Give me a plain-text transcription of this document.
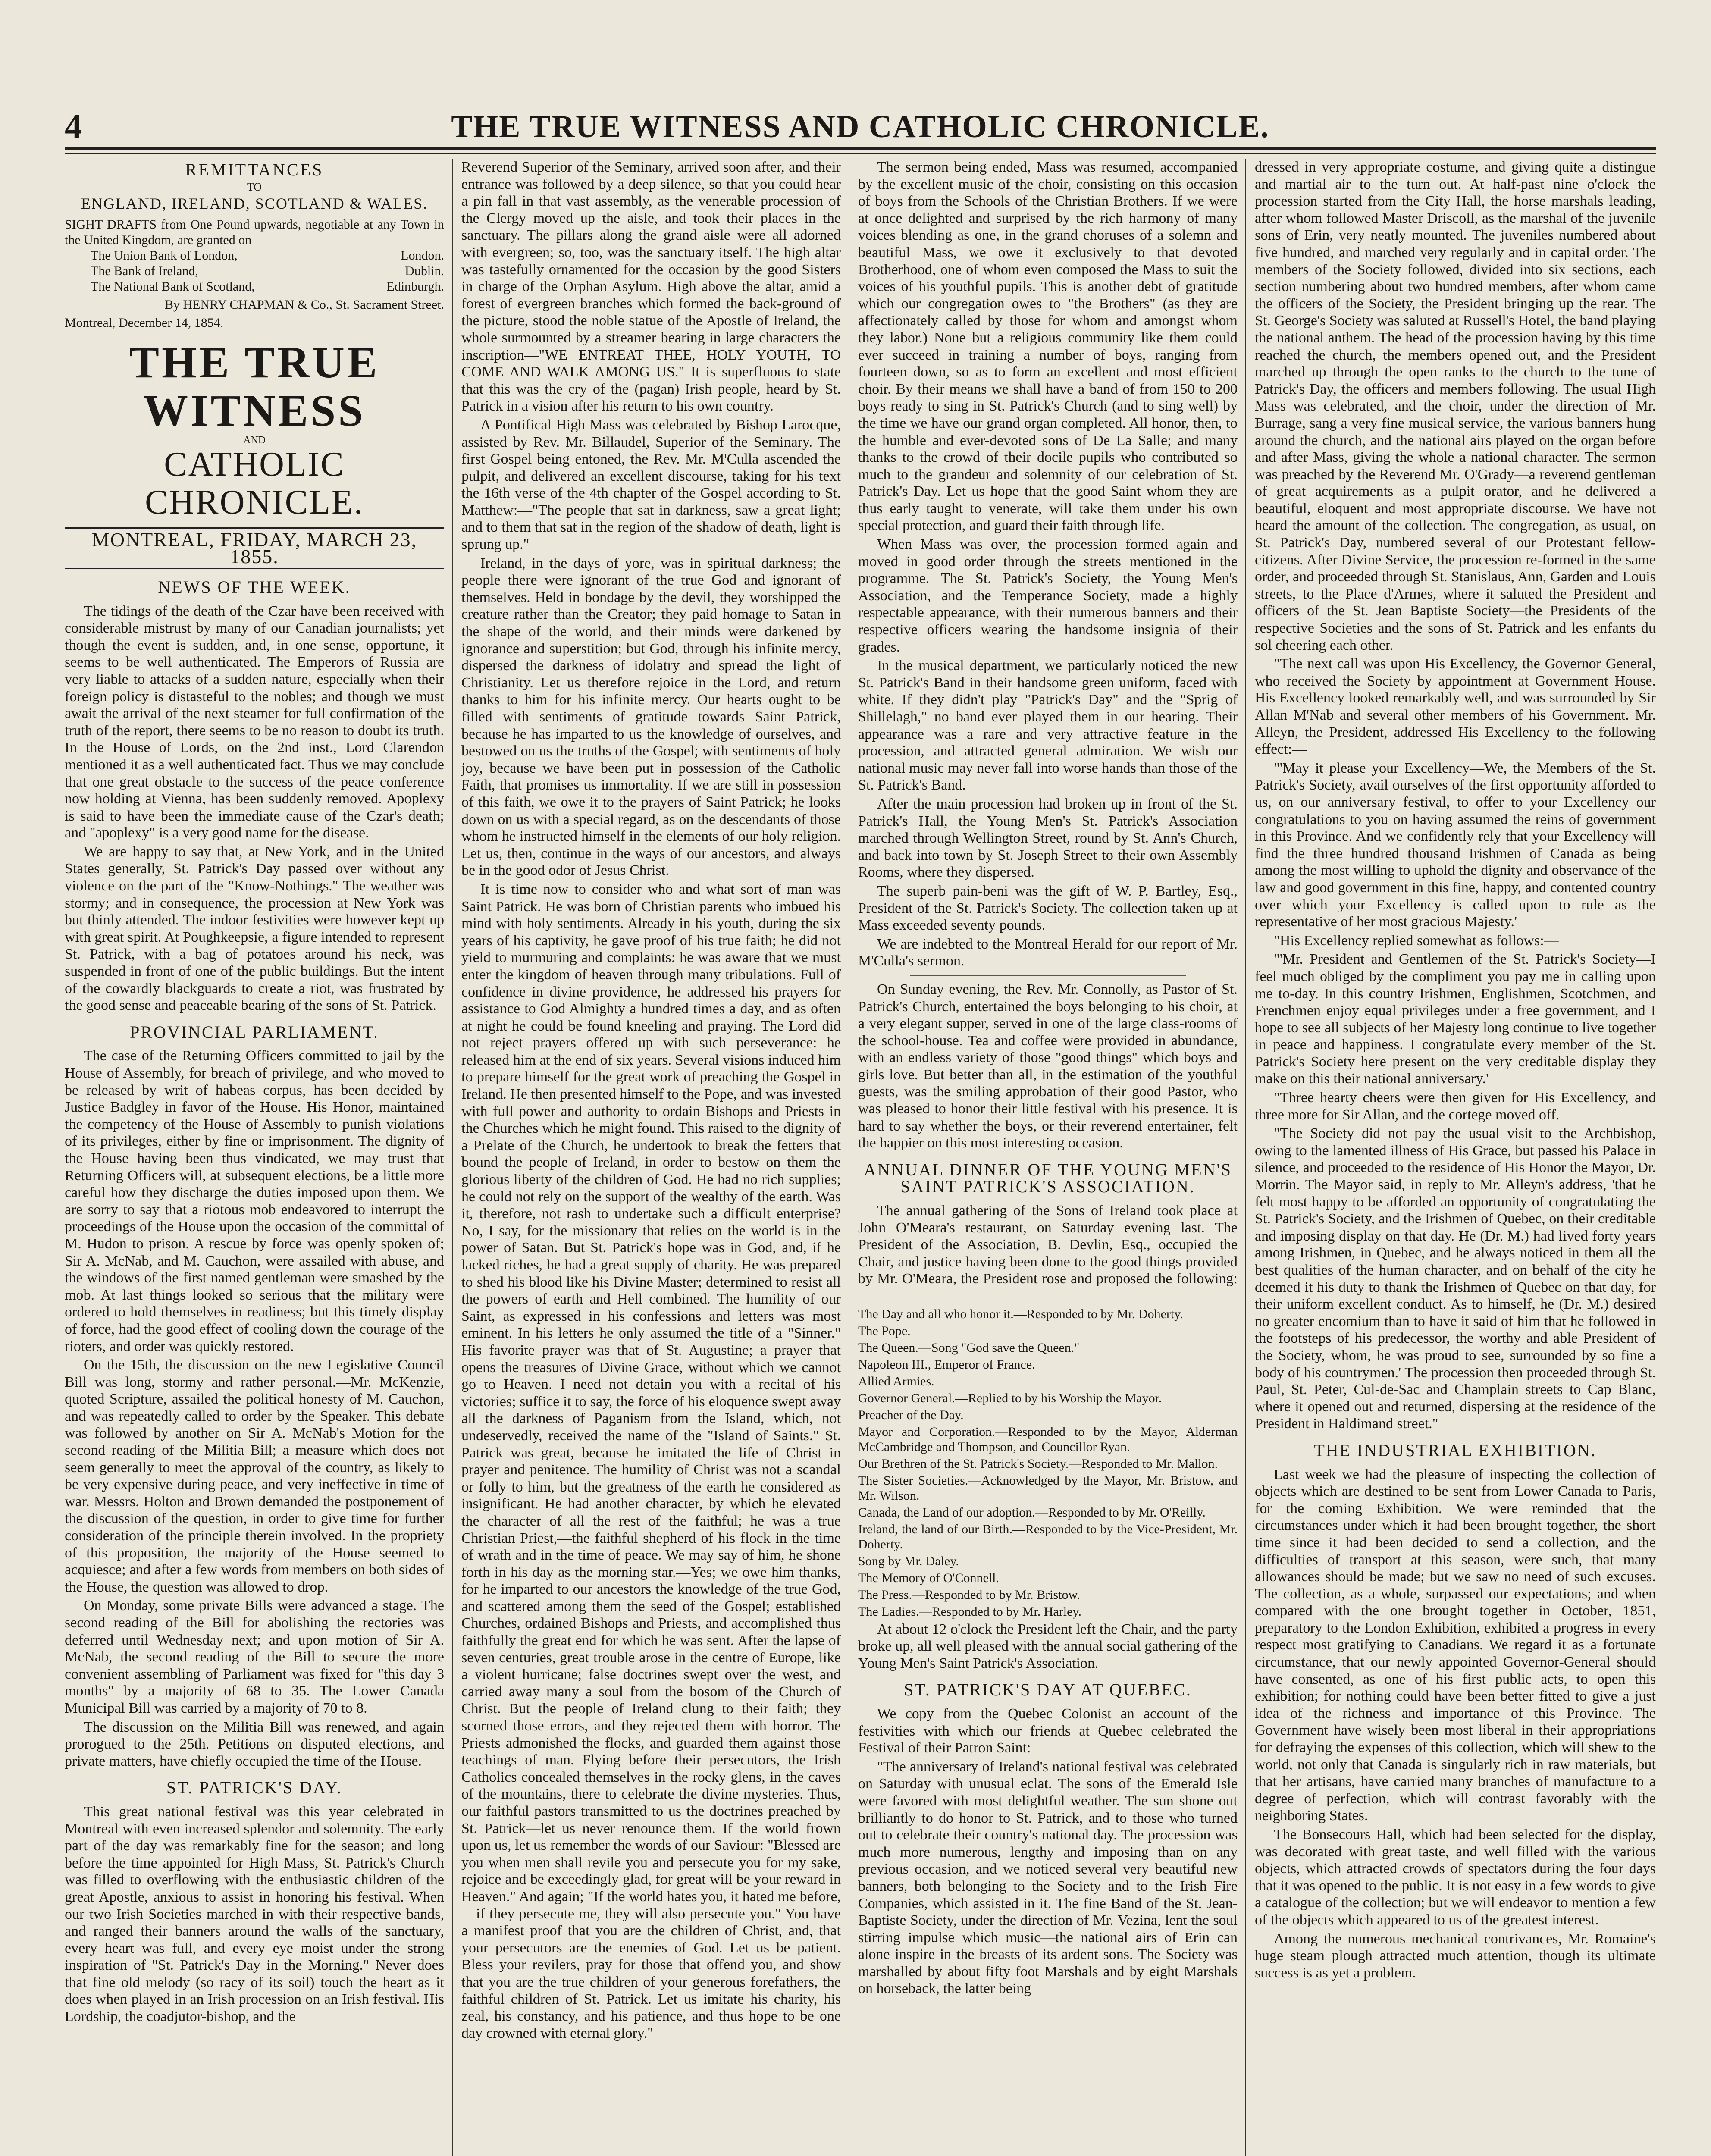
4	THE TRUE WITNESS AND CATHOLIC CHRONICLE.
REMITTANCES
TO
ENGLAND, IRELAND, SCOTLAND & WALES.
SIGHT DRAFTS from One Pound upwards, negotiable at any Town in the United Kingdom, are granted on
The Union Bank of London,	London.
The Bank of Ireland,	Dublin.
The National Bank of Scotland,	Edinburgh.
By HENRY CHAPMAN & Co., St. Sacrament Street.
Montreal, December 14, 1854.
THE TRUE WITNESS
AND
CATHOLIC CHRONICLE.
MONTREAL, FRIDAY, MARCH 23, 1855.
NEWS OF THE WEEK.

The tidings of the death of the Czar have been received with considerable mistrust by many of our Canadian journalists; yet though the event is sudden, and, in one sense, opportune, it seems to be well authenticated. The Emperors of Russia are very liable to attacks of a sudden nature, especially when their foreign policy is distasteful to the nobles; and though we must await the arrival of the next steamer for full confirmation of the truth of the report, there seems to be no reason to doubt its truth. In the House of Lords, on the 2nd inst., Lord Clarendon mentioned it as a well authenticated fact. Thus we may conclude that one great obstacle to the success of the peace conference now holding at Vienna, has been suddenly removed. Apoplexy is said to have been the immediate cause of the Czar's death; and "apoplexy" is a very good name for the disease.

We are happy to say that, at New York, and in the United States generally, St. Patrick's Day passed over without any violence on the part of the "Know-Nothings." The weather was stormy; and in consequence, the procession at New York was but thinly attended. The indoor festivities were however kept up with great spirit. At Poughkeepsie, a figure intended to represent St. Patrick, with a bag of potatoes around his neck, was suspended in front of one of the public buildings. But the intent of the cowardly blackguards to create a riot, was frustrated by the good sense and peaceable bearing of the sons of St. Patrick.

PROVINCIAL PARLIAMENT.

The case of the Returning Officers committed to jail by the House of Assembly, for breach of privilege, and who moved to be released by writ of habeas corpus, has been decided by Justice Badgley in favor of the House. His Honor, maintained the competency of the House of Assembly to punish violations of its privileges, either by fine or imprisonment. The dignity of the House having been thus vindicated, we may trust that Returning Officers will, at subsequent elections, be a little more careful how they discharge the duties imposed upon them. We are sorry to say that a riotous mob endeavored to interrupt the proceedings of the House upon the occasion of the committal of M. Hudon to prison. A rescue by force was openly spoken of; Sir A. McNab, and M. Cauchon, were assailed with abuse, and the windows of the first named gentleman were smashed by the mob. At last things looked so serious that the military were ordered to hold themselves in readiness; but this timely display of force, had the good effect of cooling down the courage of the rioters, and order was quickly restored.

On the 15th, the discussion on the new Legislative Council Bill was long, stormy and rather personal.—Mr. McKenzie, quoted Scripture, assailed the political honesty of M. Cauchon, and was repeatedly called to order by the Speaker. This debate was followed by another on Sir A. McNab's Motion for the second reading of the Militia Bill; a measure which does not seem generally to meet the approval of the country, as likely to be very expensive during peace, and very ineffective in time of war. Messrs. Holton and Brown demanded the postponement of the discussion of the question, in order to give time for further consideration of the principle therein involved. In the propriety of this proposition, the majority of the House seemed to acquiesce; and after a few words from members on both sides of the House, the question was allowed to drop.

On Monday, some private Bills were advanced a stage. The second reading of the Bill for abolishing the rectories was deferred until Wednesday next; and upon motion of Sir A. McNab, the second reading of the Bill to secure the more convenient assembling of Parliament was fixed for "this day 3 months" by a majority of 68 to 35. The Lower Canada Municipal Bill was carried by a majority of 70 to 8.

The discussion on the Militia Bill was renewed, and again prorogued to the 25th. Petitions on disputed elections, and private matters, have chiefly occupied the time of the House.

ST. PATRICK'S DAY.

This great national festival was this year celebrated in Montreal with even increased splendor and solemnity. The early part of the day was remarkably fine for the season; and long before the time appointed for High Mass, St. Patrick's Church was filled to overflowing with the enthusiastic children of the great Apostle, anxious to assist in honoring his festival. When our two Irish Societies marched in with their respective bands, and ranged their banners around the walls of the sanctuary, every heart was full, and every eye moist under the strong inspiration of "St. Patrick's Day in the Morning." Never does that fine old melody (so racy of its soil) touch the heart as it does when played in an Irish procession on an Irish festival. His Lordship, the coadjutor-bishop, and the

Reverend Superior of the Seminary, arrived soon after, and their entrance was followed by a deep silence, so that you could hear a pin fall in that vast assembly, as the venerable procession of the Clergy moved up the aisle, and took their places in the sanctuary. The pillars along the grand aisle were all adorned with evergreen; so, too, was the sanctuary itself. The high altar was tastefully ornamented for the occasion by the good Sisters in charge of the Orphan Asylum. High above the altar, amid a forest of evergreen branches which formed the back-ground of the picture, stood the noble statue of the Apostle of Ireland, the whole surmounted by a streamer bearing in large characters the inscription—"WE ENTREAT THEE, HOLY YOUTH, TO COME AND WALK AMONG US." It is superfluous to state that this was the cry of the (pagan) Irish people, heard by St. Patrick in a vision after his return to his own country.

A Pontifical High Mass was celebrated by Bishop Larocque, assisted by Rev. Mr. Billaudel, Superior of the Seminary. The first Gospel being entoned, the Rev. Mr. M'Culla ascended the pulpit, and delivered an excellent discourse, taking for his text the 16th verse of the 4th chapter of the Gospel according to St. Matthew:—"The people that sat in darkness, saw a great light; and to them that sat in the region of the shadow of death, light is sprung up."

Ireland, in the days of yore, was in spiritual darkness; the people there were ignorant of the true God and ignorant of themselves. Held in bondage by the devil, they worshipped the creature rather than the Creator; they paid homage to Satan in the shape of the world, and their minds were darkened by ignorance and superstition; but God, through his infinite mercy, dispersed the darkness of idolatry and spread the light of Christianity. Let us therefore rejoice in the Lord, and return thanks to him for his infinite mercy. Our hearts ought to be filled with sentiments of gratitude towards Saint Patrick, because he has imparted to us the knowledge of ourselves, and bestowed on us the truths of the Gospel; with sentiments of holy joy, because we have been put in possession of the Catholic Faith, that promises us immortality. If we are still in possession of this faith, we owe it to the prayers of Saint Patrick; he looks down on us with a special regard, as on the descendants of those whom he instructed himself in the elements of our holy religion. Let us, then, continue in the ways of our ancestors, and always be in the good odor of Jesus Christ.

It is time now to consider who and what sort of man was Saint Patrick. He was born of Christian parents who imbued his mind with holy sentiments. Already in his youth, during the six years of his captivity, he gave proof of his true faith; he did not yield to murmuring and complaints: he was aware that we must enter the kingdom of heaven through many tribulations. Full of confidence in divine providence, he addressed his prayers for assistance to God Almighty a hundred times a day, and as often at night he could be found kneeling and praying. The Lord did not reject prayers offered up with such perseverance: he released him at the end of six years. Several visions induced him to prepare himself for the great work of preaching the Gospel in Ireland. He then presented himself to the Pope, and was invested with full power and authority to ordain Bishops and Priests in the Churches which he might found. This raised to the dignity of a Prelate of the Church, he undertook to break the fetters that bound the people of Ireland, in order to bestow on them the glorious liberty of the children of God. He had no rich supplies; he could not rely on the support of the wealthy of the earth. Was it, therefore, not rash to undertake such a difficult enterprise? No, I say, for the missionary that relies on the world is in the power of Satan. But St. Patrick's hope was in God, and, if he lacked riches, he had a great supply of charity. He was prepared to shed his blood like his Divine Master; determined to resist all the powers of earth and Hell combined. The humility of our Saint, as expressed in his confessions and letters was most eminent. In his letters he only assumed the title of a "Sinner." His favorite prayer was that of St. Augustine; a prayer that opens the treasures of Divine Grace, without which we cannot go to Heaven. I need not detain you with a recital of his victories; suffice it to say, the force of his eloquence swept away all the darkness of Paganism from the Island, which, not undeservedly, received the name of the "Island of Saints." St. Patrick was great, because he imitated the life of Christ in prayer and penitence. The humility of Christ was not a scandal or folly to him, but the greatness of the earth he considered as insignificant. He had another character, by which he elevated the character of all the rest of the faithful; he was a true Christian Priest,—the faithful shepherd of his flock in the time of wrath and in the time of peace. We may say of him, he shone forth in his day as the morning star.—Yes; we owe him thanks, for he imparted to our ancestors the knowledge of the true God, and scattered among them the seed of the Gospel; established Churches, ordained Bishops and Priests, and accomplished thus faithfully the great end for which he was sent. After the lapse of seven centuries, great trouble arose in the centre of Europe, like a violent hurricane; false doctrines swept over the west, and carried away many a soul from the bosom of the Church of Christ. But the people of Ireland clung to their faith; they scorned those errors, and they rejected them with horror. The Priests admonished the flocks, and guarded them against those teachings of man. Flying before their persecutors, the Irish Catholics concealed themselves in the rocky glens, in the caves of the mountains, there to celebrate the divine mysteries. Thus, our faithful pastors transmitted to us the doctrines preached by St. Patrick—let us never renounce them. If the world frown upon us, let us remember the words of our Saviour: "Blessed are you when men shall revile you and persecute you for my sake, rejoice and be exceedingly glad, for great will be your reward in Heaven." And again; "If the world hates you, it hated me before,—if they persecute me, they will also persecute you." You have a manifest proof that you are the children of Christ, and, that your persecutors are the enemies of God. Let us be patient. Bless your revilers, pray for those that offend you, and show that you are the true children of your generous forefathers, the faithful children of St. Patrick. Let us imitate his charity, his zeal, his constancy, and his patience, and thus hope to be one day crowned with eternal glory."

The sermon being ended, Mass was resumed, accompanied by the excellent music of the choir, consisting on this occasion of boys from the Schools of the Christian Brothers. If we were at once delighted and surprised by the rich harmony of many voices blending as one, in the grand choruses of a solemn and beautiful Mass, we owe it exclusively to that devoted Brotherhood, one of whom even composed the Mass to suit the voices of his youthful pupils. This is another debt of gratitude which our congregation owes to "the Brothers" (as they are affectionately called by those for whom and amongst whom they labor.) None but a religious community like them could ever succeed in training a number of boys, ranging from fourteen down, so as to form an excellent and most efficient choir. By their means we shall have a band of from 150 to 200 boys ready to sing in St. Patrick's Church (and to sing well) by the time we have our grand organ completed. All honor, then, to the humble and ever-devoted sons of De La Salle; and many thanks to the crowd of their docile pupils who contributed so much to the grandeur and solemnity of our celebration of St. Patrick's Day. Let us hope that the good Saint whom they are thus early taught to venerate, will take them under his own special protection, and guard their faith through life.

When Mass was over, the procession formed again and moved in good order through the streets mentioned in the programme. The St. Patrick's Society, the Young Men's Association, and the Temperance Society, made a highly respectable appearance, with their numerous banners and their respective officers wearing the handsome insignia of their grades.

In the musical department, we particularly noticed the new St. Patrick's Band in their handsome green uniform, faced with white. If they didn't play "Patrick's Day" and the "Sprig of Shillelagh," no band ever played them in our hearing. Their appearance was a rare and very attractive feature in the procession, and attracted general admiration. We wish our national music may never fall into worse hands than those of the St. Patrick's Band.

After the main procession had broken up in front of the St. Patrick's Hall, the Young Men's St. Patrick's Association marched through Wellington Street, round by St. Ann's Church, and back into town by St. Joseph Street to their own Assembly Rooms, where they dispersed.

The superb pain-beni was the gift of W. P. Bartley, Esq., President of the St. Patrick's Society. The collection taken up at Mass exceeded seventy pounds.

We are indebted to the Montreal Herald for our report of Mr. M'Culla's sermon.

On Sunday evening, the Rev. Mr. Connolly, as Pastor of St. Patrick's Church, entertained the boys belonging to his choir, at a very elegant supper, served in one of the large class-rooms of the school-house. Tea and coffee were provided in abundance, with an endless variety of those "good things" which boys and girls love. But better than all, in the estimation of the youthful guests, was the smiling approbation of their good Pastor, who was pleased to honor their little festival with his presence. It is hard to say whether the boys, or their reverend entertainer, felt the happier on this most interesting occasion.

ANNUAL DINNER OF THE YOUNG MEN'S SAINT PATRICK'S ASSOCIATION.

The annual gathering of the Sons of Ireland took place at John O'Meara's restaurant, on Saturday evening last. The President of the Association, B. Devlin, Esq., occupied the Chair, and justice having been done to the good things provided by Mr. O'Meara, the President rose and proposed the following:—

The Day and all who honor it.—Responded to by Mr. Doherty.

The Pope.

The Queen.—Song "God save the Queen."

Napoleon III., Emperor of France.

Allied Armies.

Governor General.—Replied to by his Worship the Mayor.

Preacher of the Day.

Mayor and Corporation.—Responded to by the Mayor, Alderman McCambridge and Thompson, and Councillor Ryan.

Our Brethren of the St. Patrick's Society.—Responded to Mr. Mallon.

The Sister Societies.—Acknowledged by the Mayor, Mr. Bristow, and Mr. Wilson.

Canada, the Land of our adoption.—Responded to by Mr. O'Reilly.

Ireland, the land of our Birth.—Responded to by the Vice-President, Mr. Doherty.

Song by Mr. Daley.

The Memory of O'Connell.

The Press.—Responded to by Mr. Bristow.

The Ladies.—Responded to by Mr. Harley.

At about 12 o'clock the President left the Chair, and the party broke up, all well pleased with the annual social gathering of the Young Men's Saint Patrick's Association.

ST. PATRICK'S DAY AT QUEBEC.

We copy from the Quebec Colonist an account of the festivities with which our friends at Quebec celebrated the Festival of their Patron Saint:—

"The anniversary of Ireland's national festival was celebrated on Saturday with unusual eclat. The sons of the Emerald Isle were favored with most delightful weather. The sun shone out brilliantly to do honor to St. Patrick, and to those who turned out to celebrate their country's national day. The procession was much more numerous, lengthy and imposing than on any previous occasion, and we noticed several very beautiful new banners, both belonging to the Society and to the Irish Fire Companies, which assisted in it. The fine Band of the St. Jean-Baptiste Society, under the direction of Mr. Vezina, lent the soul stirring impulse which music—the national airs of Erin can alone inspire in the breasts of its ardent sons. The Society was marshalled by about fifty foot Marshals and by eight Marshals on horseback, the latter being

dressed in very appropriate costume, and giving quite a distingue and martial air to the turn out. At half-past nine o'clock the procession started from the City Hall, the horse marshals leading, after whom followed Master Driscoll, as the marshal of the juvenile sons of Erin, very neatly mounted. The juveniles numbered about five hundred, and marched very regularly and in capital order. The members of the Society followed, divided into six sections, each section numbering about two hundred members, after whom came the officers of the Society, the President bringing up the rear. The St. George's Society was saluted at Russell's Hotel, the band playing the national anthem. The head of the procession having by this time reached the church, the members opened out, and the President marched up through the open ranks to the church to the tune of Patrick's Day, the officers and members following. The usual High Mass was celebrated, and the choir, under the direction of Mr. Burrage, sang a very fine musical service, the various banners hung around the church, and the national airs played on the organ before and after Mass, giving the whole a national character. The sermon was preached by the Reverend Mr. O'Grady—a reverend gentleman of great acquirements as a pulpit orator, and he delivered a beautiful, eloquent and most appropriate discourse. We have not heard the amount of the collection. The congregation, as usual, on St. Patrick's Day, numbered several of our Protestant fellow-citizens. After Divine Service, the procession re-formed in the same order, and proceeded through St. Stanislaus, Ann, Garden and Louis streets, to the Place d'Armes, where it saluted the President and officers of the St. Jean Baptiste Society—the Presidents of the respective Societies and the sons of St. Patrick and les enfants du sol cheering each other.

"The next call was upon His Excellency, the Governor General, who received the Society by appointment at Government House. His Excellency looked remarkably well, and was surrounded by Sir Allan M'Nab and several other members of his Government. Mr. Alleyn, the President, addressed His Excellency to the following effect:—

"'May it please your Excellency—We, the Members of the St. Patrick's Society, avail ourselves of the first opportunity afforded to us, on our anniversary festival, to offer to your Excellency our congratulations to you on having assumed the reins of government in this Province. And we confidently rely that your Excellency will find the three hundred thousand Irishmen of Canada as being among the most willing to uphold the dignity and observance of the law and good government in this fine, happy, and contented country over which your Excellency is called upon to rule as the representative of her most gracious Majesty.'

"His Excellency replied somewhat as follows:—

"'Mr. President and Gentlemen of the St. Patrick's Society—I feel much obliged by the compliment you pay me in calling upon me to-day. In this country Irishmen, Englishmen, Scotchmen, and Frenchmen enjoy equal privileges under a free government, and I hope to see all subjects of her Majesty long continue to live together in peace and happiness. I congratulate every member of the St. Patrick's Society here present on the very creditable display they make on this their national anniversary.'

"Three hearty cheers were then given for His Excellency, and three more for Sir Allan, and the cortege moved off.

"The Society did not pay the usual visit to the Archbishop, owing to the lamented illness of His Grace, but passed his Palace in silence, and proceeded to the residence of His Honor the Mayor, Dr. Morrin. The Mayor said, in reply to Mr. Alleyn's address, 'that he felt most happy to be afforded an opportunity of congratulating the St. Patrick's Society, and the Irishmen of Quebec, on their creditable and imposing display on that day. He (Dr. M.) had lived forty years among Irishmen, in Quebec, and he always noticed in them all the best qualities of the human character, and on behalf of the city he deemed it his duty to thank the Irishmen of Quebec on that day, for their uniform excellent conduct. As to himself, he (Dr. M.) desired no greater encomium than to have it said of him that he followed in the footsteps of his predecessor, the worthy and able President of the Society, whom, he was proud to see, surrounded by so fine a body of his countrymen.' The procession then proceeded through St. Paul, St. Peter, Cul-de-Sac and Champlain streets to Cap Blanc, where it opened out and returned, dispersing at the residence of the President in Haldimand street."

THE INDUSTRIAL EXHIBITION.

Last week we had the pleasure of inspecting the collection of objects which are destined to be sent from Lower Canada to Paris, for the coming Exhibition. We were reminded that the circumstances under which it had been brought together, the short time since it had been decided to send a collection, and the difficulties of transport at this season, were such, that many allowances should be made; but we saw no need of such excuses. The collection, as a whole, surpassed our expectations; and when compared with the one brought together in October, 1851, preparatory to the London Exhibition, exhibited a progress in every respect most gratifying to Canadians. We regard it as a fortunate circumstance, that our newly appointed Governor-General should have consented, as one of his first public acts, to open this exhibition; for nothing could have been better fitted to give a just idea of the richness and importance of this Province. The Government have wisely been most liberal in their appropriations for defraying the expenses of this collection, which will shew to the world, not only that Canada is singularly rich in raw materials, but that her artisans, have carried many branches of manufacture to a degree of perfection, which will contrast favorably with the neighboring States.

The Bonsecours Hall, which had been selected for the display, was decorated with great taste, and well filled with the various objects, which attracted crowds of spectators during the four days that it was opened to the public. It is not easy in a few words to give a catalogue of the collection; but we will endeavor to mention a few of the objects which appeared to us of the greatest interest.

Among the numerous mechanical contrivances, Mr. Romaine's huge steam plough attracted much attention, though its ultimate success is as yet a problem.
